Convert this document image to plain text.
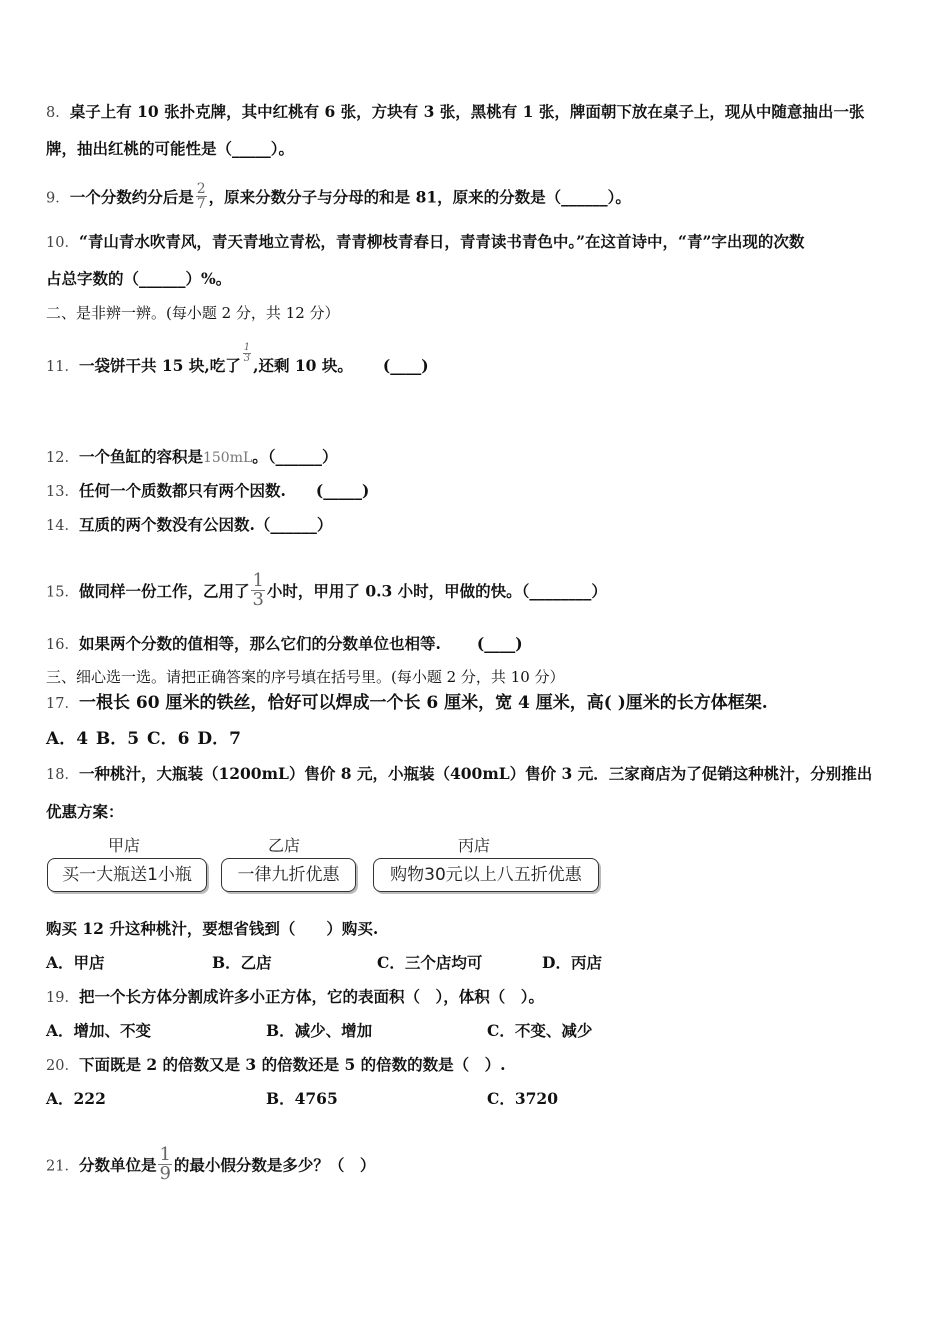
8．桌子上有 10 张扑克牌，其中红桃有 6 张，方块有 3 张，黑桃有 1 张，牌面朝下放在桌子上，现从中随意抽出一张
牌，抽出红桃的可能性是（_____）。
9．一个分数约分后是 $\frac{2}{7}$ ，原来分数分子与分母的和是 81，原来的分数是（______）。
10．“青山青水吹青风，青天青地立青松，青青柳枝青春日，青青读书青色中。”在这首诗中，“青”字出现的次数
占总字数的（______）%。
二、是非辨一辨。(每小题 2 分，共 12 分）
11．一袋饼干共 15 块,吃了
$\frac{1}{3}$
,还剩 10 块。 (____)
12．一个鱼缸的容积是150mL。（______）
13．任何一个质数都只有两个因数. (_____)
14．互质的两个数没有公因数.（______）
15．做同样一份工作，乙用了 $\frac{1}{3}$ 小时，甲用了 0.3 小时，甲做的快。（________）
16．如果两个分数的值相等，那么它们的分数单位也相等. (____)
三、细心选一选。请把正确答案的序号填在括号里。(每小题 2 分，共 10 分）
17．一根长 60 厘米的铁丝，恰好可以焊成一个长 6 厘米，宽 4 厘米，高( )厘米的长方体框架.
A．4 B．5 C．6 D．7
18．一种桃汁，大瓶装（1200mL）售价 8 元，小瓶装（400mL）售价 3 元．三家商店为了促销这种桃汁，分别推出
优惠方案：
甲店	乙店	丙店
买一大瓶送1小瓶	一律九折优惠	购物30元以上八五折优惠
购买 12 升这种桃汁，要想省钱到（　　）购买.
A．甲店	B．乙店	C．三个店均可	D．丙店
19．把一个长方体分割成许多小正方体，它的表面积（　），体积（　）。
A．增加、不变	B．减少、增加	C．不变、减少
20．下面既是 2 的倍数又是 3 的倍数还是 5 的倍数的数是（　）.
A．222	B．4765	C．3720
21．分数单位是 $\frac{1}{9}$ 的最小假分数是多少？（　）
